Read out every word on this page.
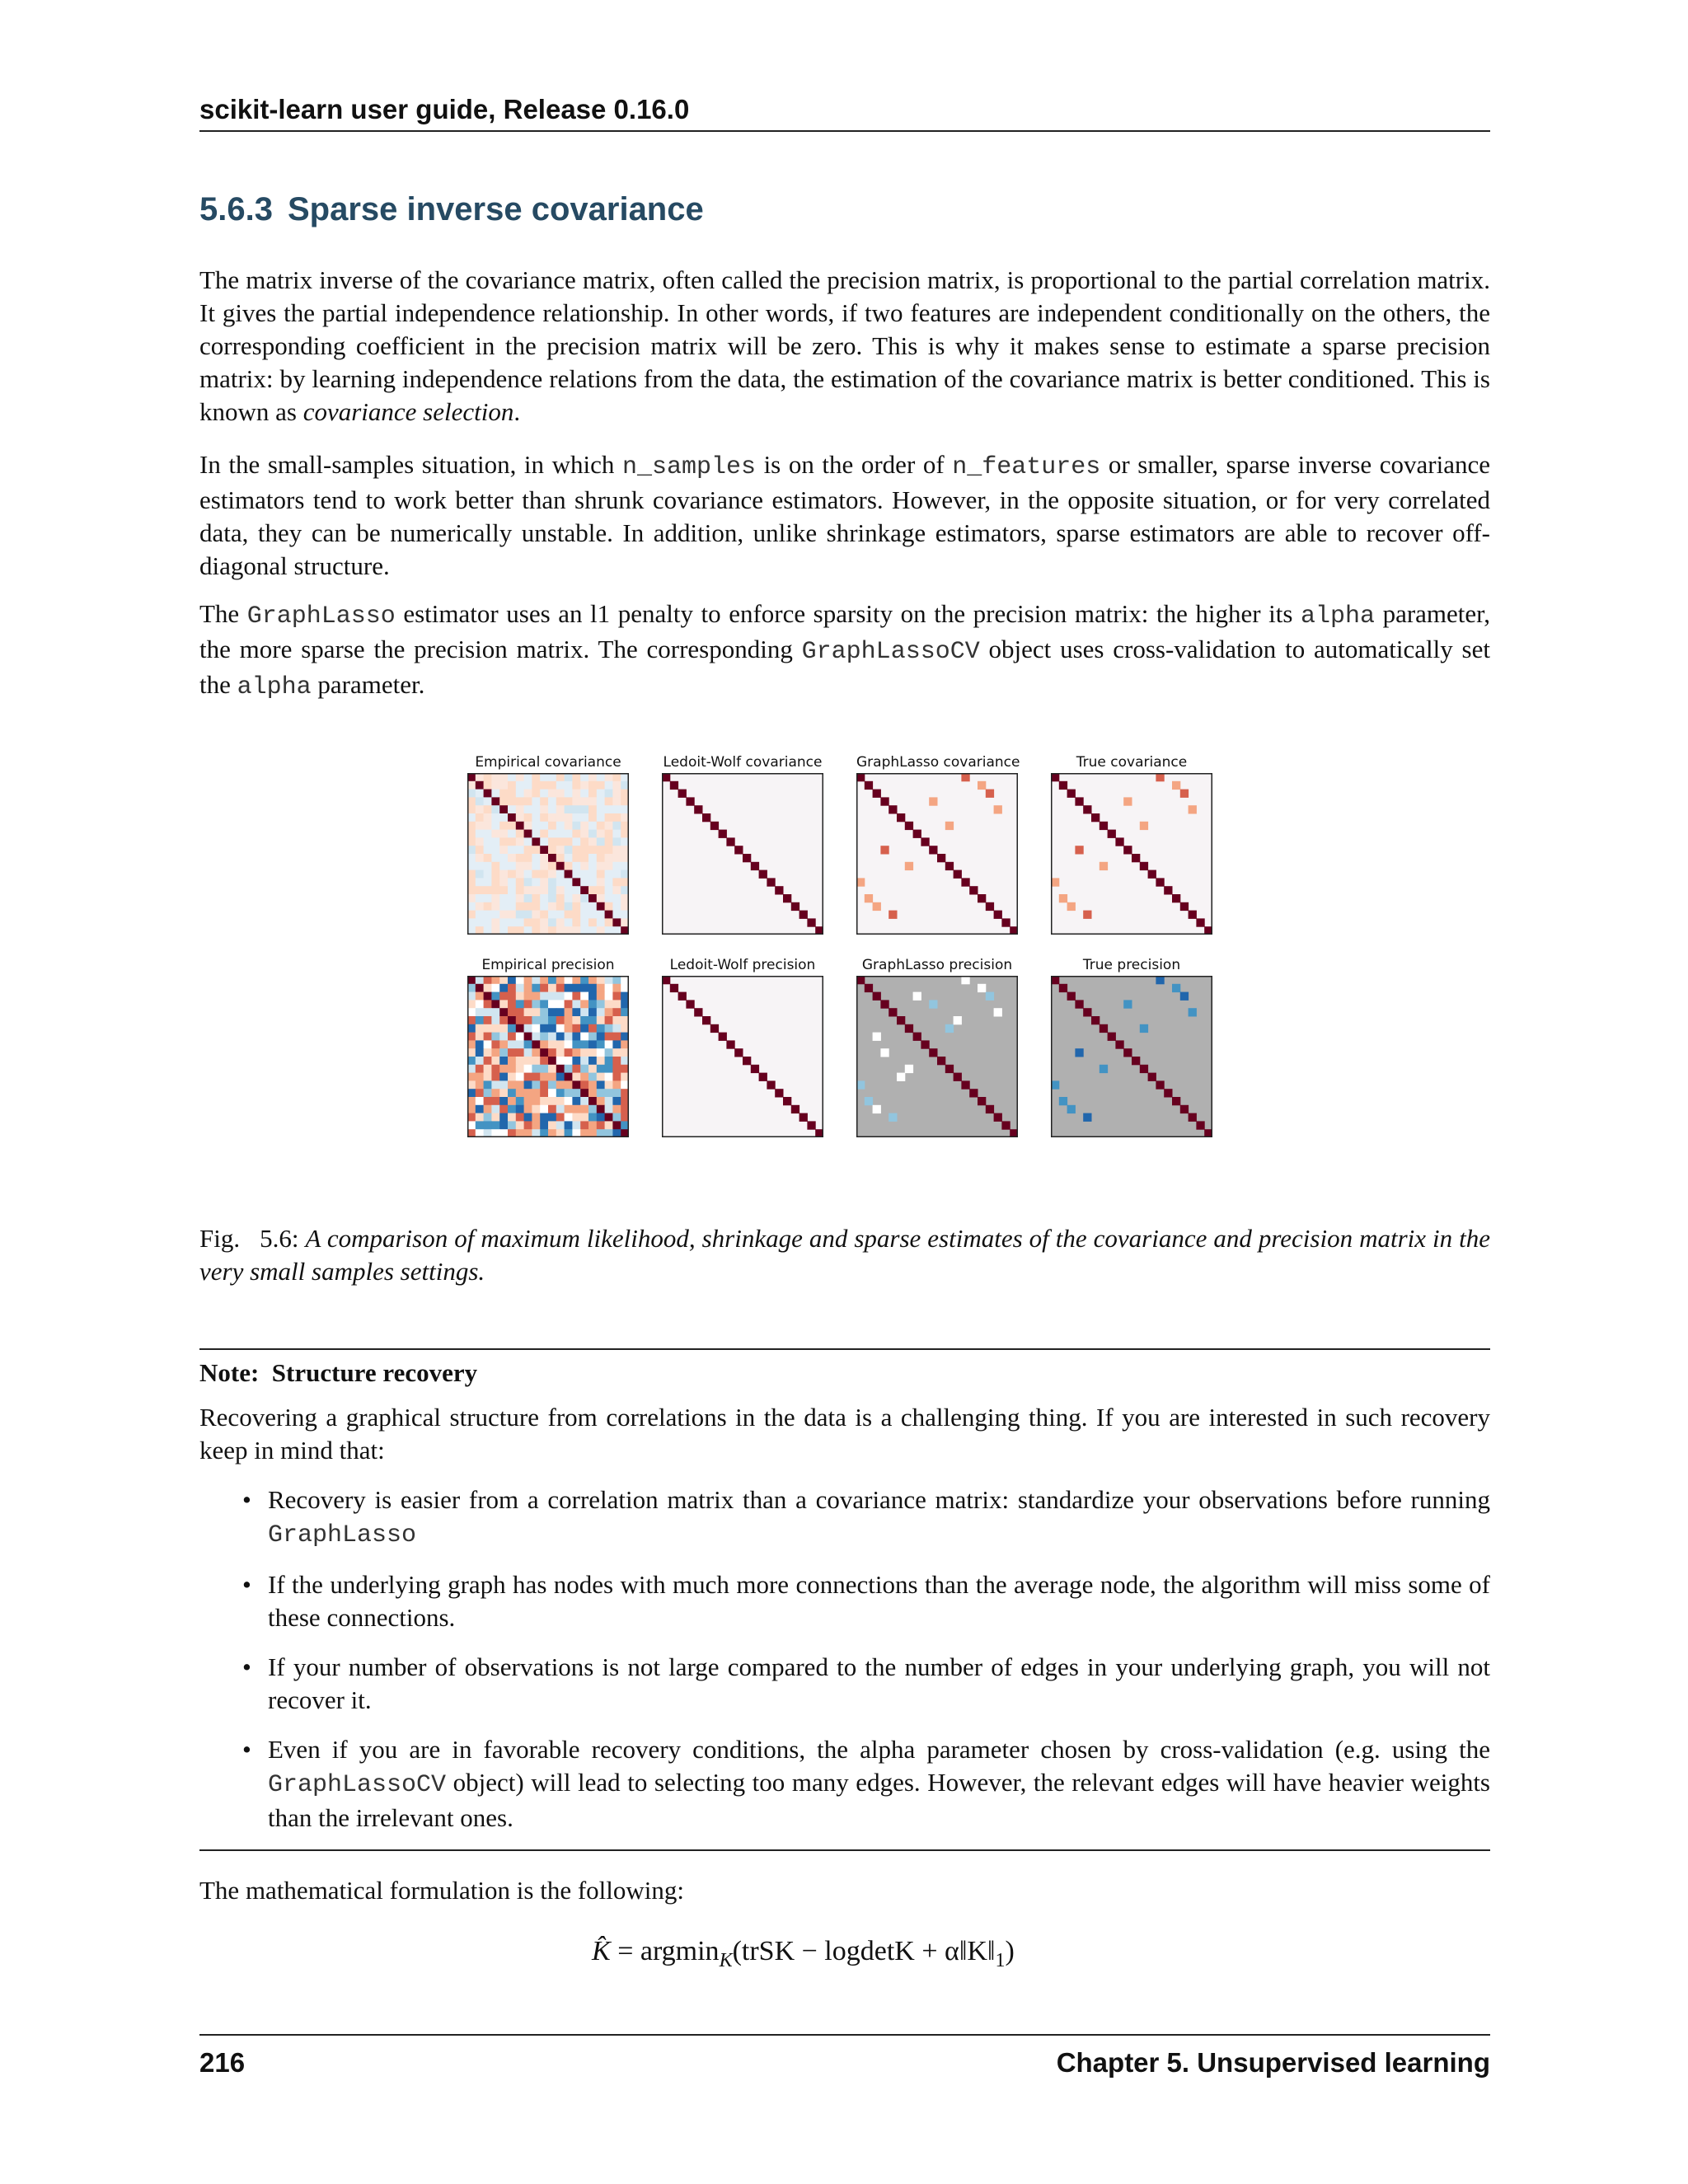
scikit-learn user guide, Release 0.16.0
5.6.3 Sparse inverse covariance

The matrix inverse of the covariance matrix, often called the precision matrix, is proportional to the partial correlation matrix. It gives the partial independence relationship. In other words, if two features are independent conditionally on the others, the corresponding coefficient in the precision matrix will be zero. This is why it makes sense to estimate a sparse precision matrix: by learning independence relations from the data, the estimation of the covariance matrix is better conditioned. This is known as covariance selection.

In the small-samples situation, in which n_samples is on the order of n_features or smaller, sparse inverse covariance estimators tend to work better than shrunk covariance estimators. However, in the opposite situation, or for very correlated data, they can be numerically unstable. In addition, unlike shrinkage estimators, sparse estimators are able to recover off-diagonal structure.

The GraphLasso estimator uses an l1 penalty to enforce sparsity on the precision matrix: the higher its alpha parameter, the more sparse the precision matrix. The corresponding GraphLassoCV object uses cross-validation to automatically set the alpha parameter.

Empirical covariance	Ledoit-Wolf covariance GraphLasso covariance	True covariance
Empirical precision	Ledoit-Wolf precision	GraphLasso precision	True precision

Fig.   5.6: A comparison of maximum likelihood, shrinkage and sparse estimates of the covariance and precision matrix in the very small samples settings.

Note: Structure recovery

Recovering a graphical structure from correlations in the data is a challenging thing. If you are interested in such recovery keep in mind that:

• Recovery is easier from a correlation matrix than a covariance matrix: standardize your observations before running GraphLasso
• If the underlying graph has nodes with much more connections than the average node, the algorithm will miss some of these connections.
• If your number of observations is not large compared to the number of edges in your underlying graph, you will not recover it.
• Even if you are in favorable recovery conditions, the alpha parameter chosen by cross-validation (e.g. using the GraphLassoCV object) will lead to selecting too many edges. However, the relevant edges will have heavier weights than the irrelevant ones.

The mathematical formulation is the following:

K̂ = argmin$_K$(trSK − $logdetK + \alpha‖K‖_1$)
216	Chapter 5. Unsupervised learning
